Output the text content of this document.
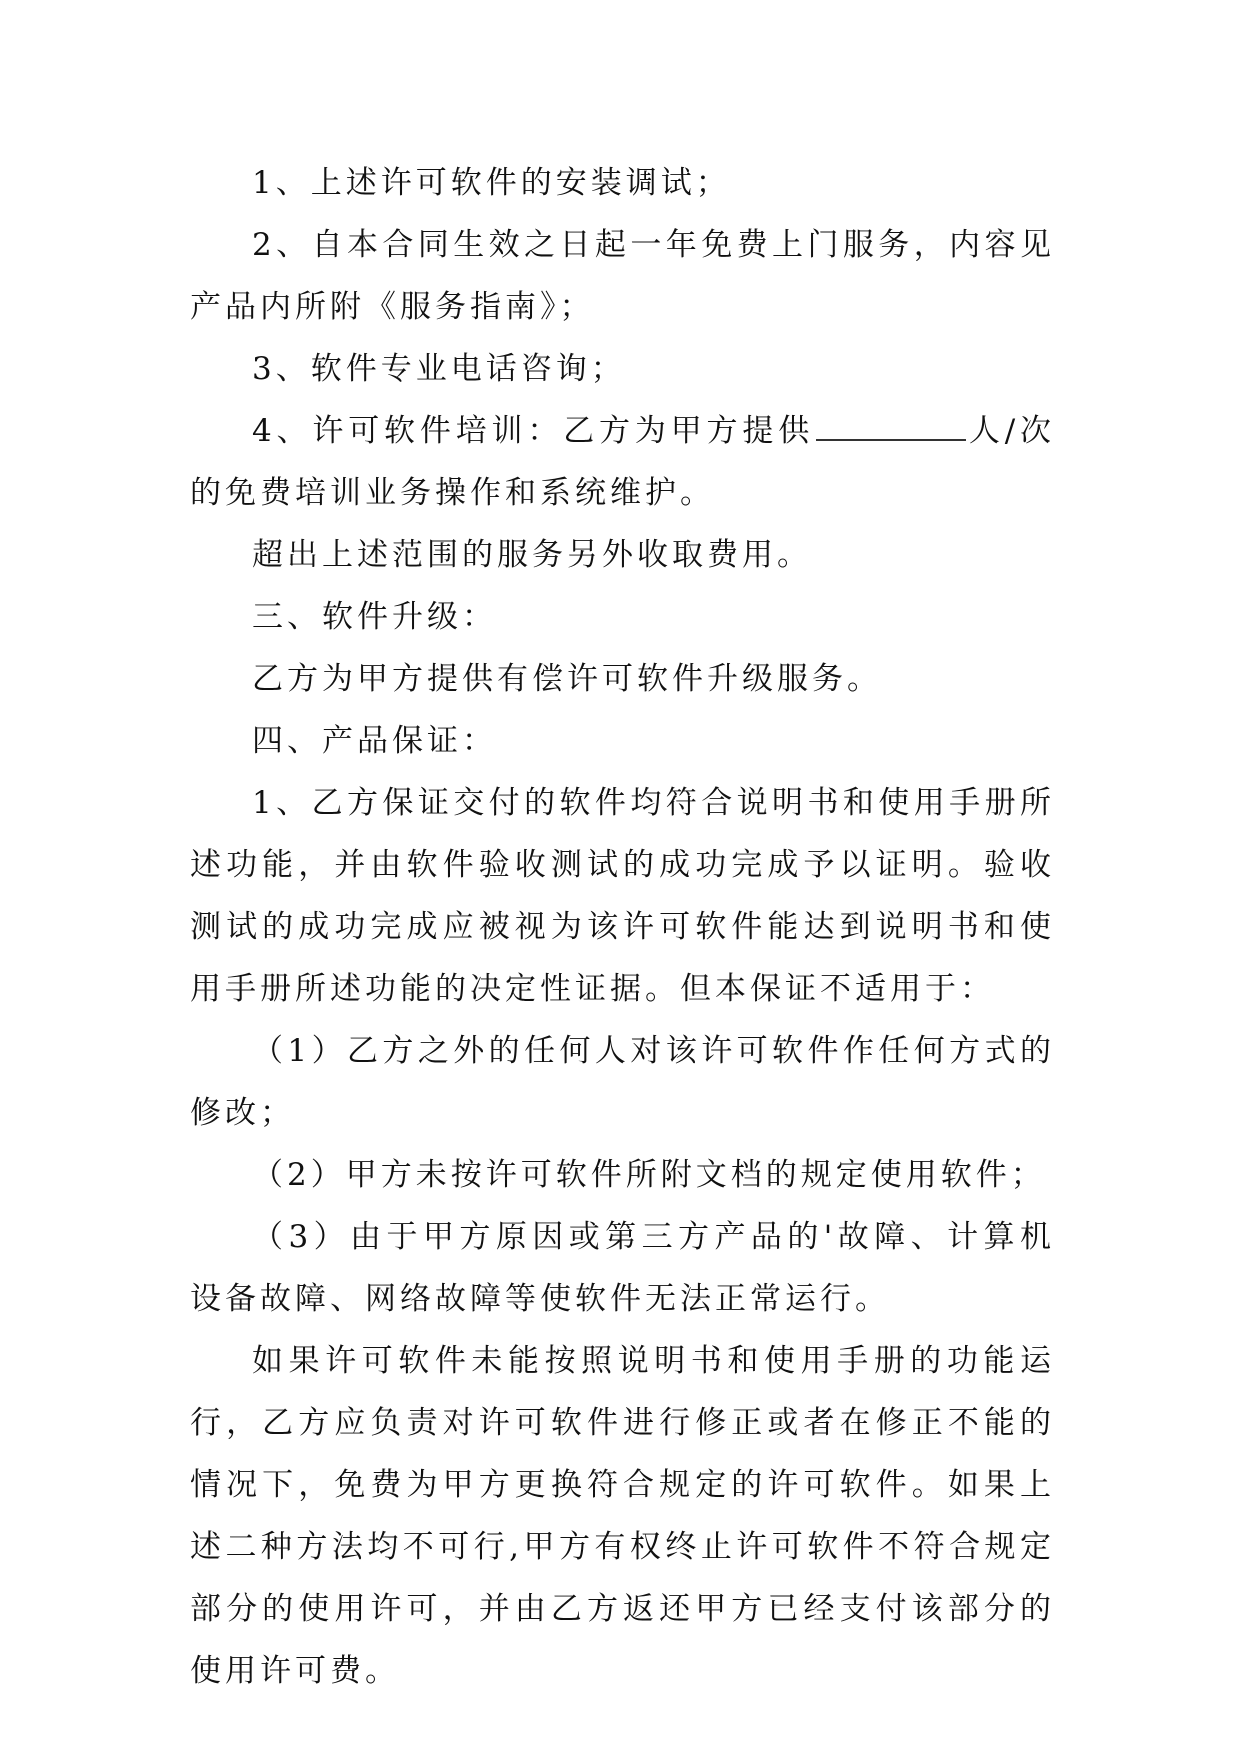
1、上述许可软件的安装调试；

2、自本合同生效之日起一年免费上门服务，内容见产品内所附《服务指南》；

3、软件专业电话咨询；

4、许可软件培训：乙方为甲方提供	人/次的免费培训业务操作和系统维护。

超出上述范围的服务另外收取费用。

三、软件升级：

乙方为甲方提供有偿许可软件升级服务。

四、产品保证：

1、乙方保证交付的软件均符合说明书和使用手册所述功能，并由软件验收测试的成功完成予以证明。验收测试的成功完成应被视为该许可软件能达到说明书和使用手册所述功能的决定性证据。但本保证不适用于：

（1）乙方之外的任何人对该许可软件作任何方式的修改；

（2）甲方未按许可软件所附文档的规定使用软件；

（3）由于甲方原因或第三方产品的'故障、计算机设备故障、网络故障等使软件无法正常运行。

如果许可软件未能按照说明书和使用手册的功能运行，乙方应负责对许可软件进行修正或者在修正不能的情况下，免费为甲方更换符合规定的许可软件。如果上述二种方法均不可行,甲方有权终止许可软件不符合规定部分的使用许可，并由乙方返还甲方已经支付该部分的使用许可费。
